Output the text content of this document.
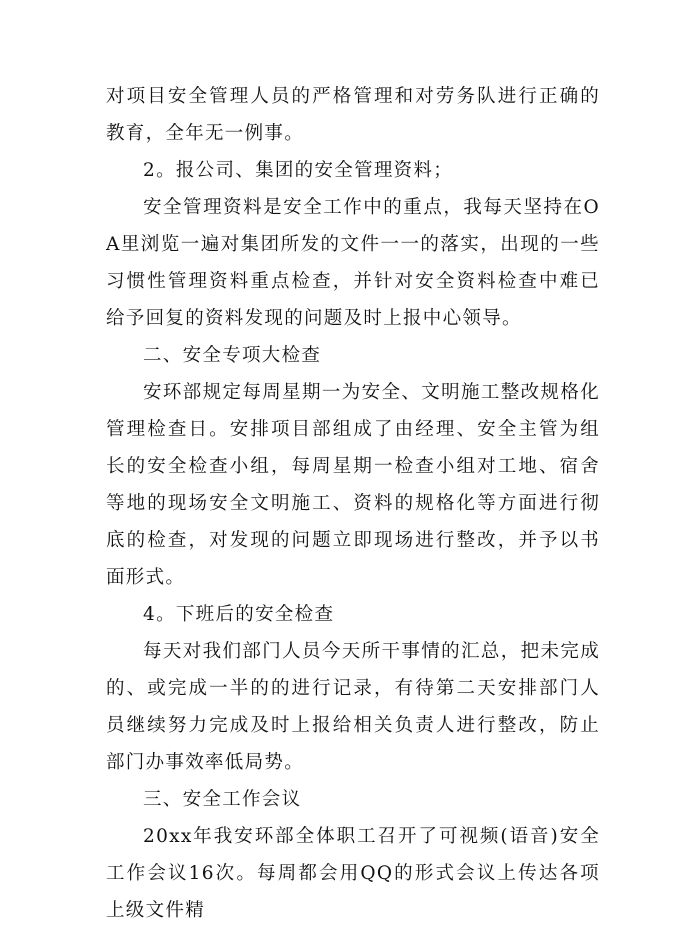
对项目安全管理人员的严格管理和对劳务队进行正确的教育，全年无一例事。

2。报公司、集团的安全管理资料；

安全管理资料是安全工作中的重点，我每天坚持在OA里浏览一遍对集团所发的文件一一的落实，出现的一些习惯性管理资料重点检查，并针对安全资料检查中难已给予回复的资料发现的问题及时上报中心领导。

二、安全专项大检查

安环部规定每周星期一为安全、文明施工整改规格化管理检查日。安排项目部组成了由经理、安全主管为组长的安全检查小组，每周星期一检查小组对工地、宿舍等地的现场安全文明施工、资料的规格化等方面进行彻底的检查，对发现的问题立即现场进行整改，并予以书面形式。

4。下班后的安全检查

每天对我们部门人员今天所干事情的汇总，把未完成的、或完成一半的的进行记录，有待第二天安排部门人员继续努力完成及时上报给相关负责人进行整改，防止部门办事效率低局势。

三、安全工作会议

20xx年我安环部全体职工召开了可视频(语音)安全工作会议16次。每周都会用QQ的形式会议上传达各项上级文件精
